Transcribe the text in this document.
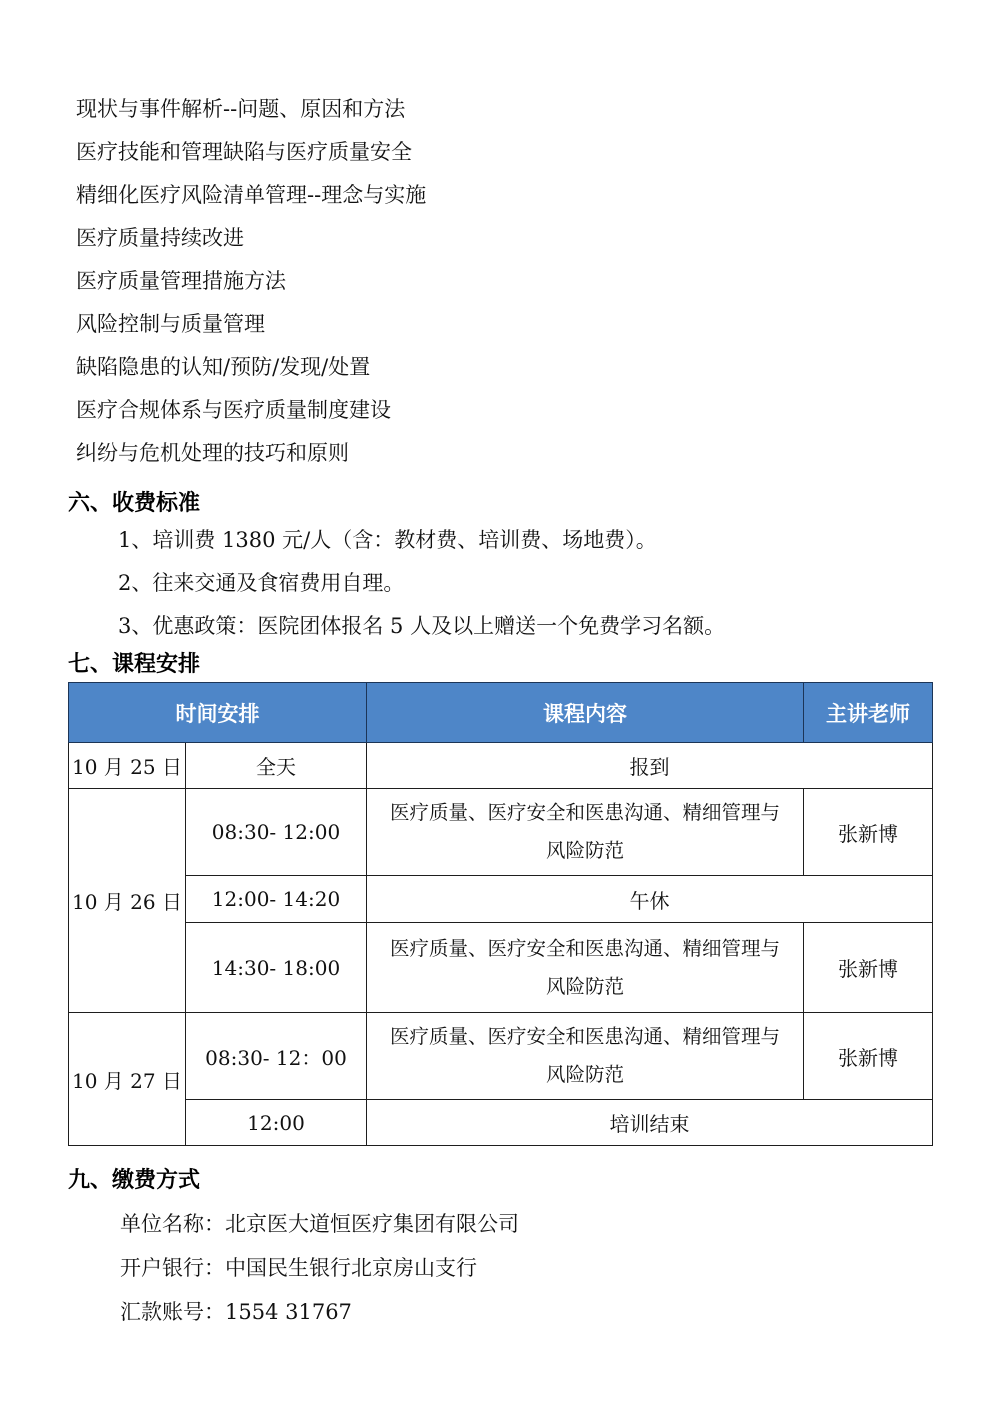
现状与事件解析--问题、原因和方法
医疗技能和管理缺陷与医疗质量安全
精细化医疗风险清单管理--理念与实施
医疗质量持续改进
医疗质量管理措施方法
风险控制与质量管理
缺陷隐患的认知/预防/发现/处置
医疗合规体系与医疗质量制度建设
纠纷与危机处理的技巧和原则
六、收费标准
1、培训费 1380 元/人（含：教材费、培训费、场地费）。
2、往来交通及食宿费用自理。
3、优惠政策：医院团体报名 5 人及以上赠送一个免费学习名额。
七、课程安排
时间安排		课程内容	主讲老师
10 月 25 日	全天	报到	
10 月 26 日	08:30- 12:00	医疗质量、医疗安全和医患沟通、精细管理与
风险防范	张新博
	12:00- 14:20	午休	
	14:30- 18:00	医疗质量、医疗安全和医患沟通、精细管理与
风险防范	张新博
10 月 27 日	08:30- 12：00	医疗质量、医疗安全和医患沟通、精细管理与
风险防范	张新博
	12:00	培训结束	
九、缴费方式
单位名称：北京医大道恒医疗集团有限公司
开户银行：中国民生银行北京房山支行
汇款账号：1554 31767
